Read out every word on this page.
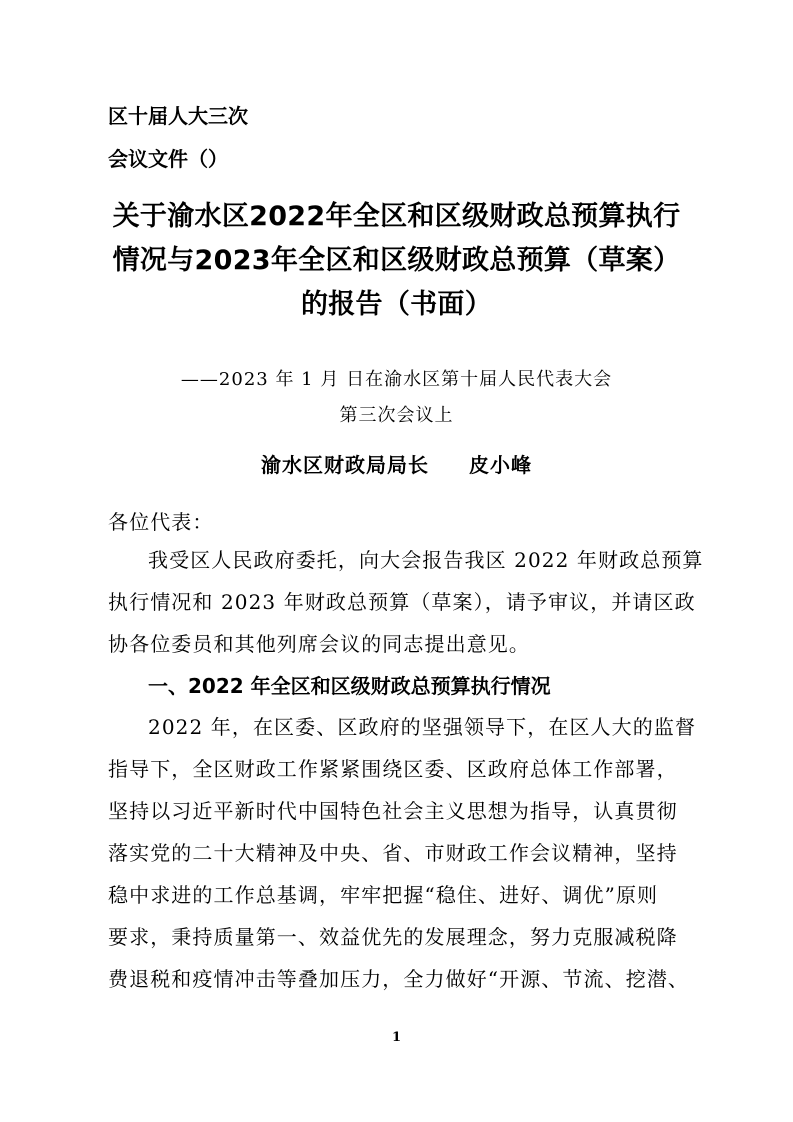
区十届人大三次
会议文件（）
关于渝水区2022年全区和区级财政总预算执行
情况与2023年全区和区级财政总预算（草案）
的报告（书面）
——2023 年 1 月 日在渝水区第十届人民代表大会
第三次会议上
渝水区财政局局长 皮小峰
各位代表：
我受区人民政府委托，向大会报告我区 2022 年财政总预算
执行情况和 2023 年财政总预算（草案），请予审议，并请区政
协各位委员和其他列席会议的同志提出意见。
一、2022 年全区和区级财政总预算执行情况
2022 年，在区委、区政府的坚强领导下，在区人大的监督
指导下，全区财政工作紧紧围绕区委、区政府总体工作部署，
坚持以习近平新时代中国特色社会主义思想为指导，认真贯彻
落实党的二十大精神及中央、省、市财政工作会议精神，坚持
稳中求进的工作总基调，牢牢把握“稳住、进好、调优”原则
要求，秉持质量第一、效益优先的发展理念，努力克服减税降
费退税和疫情冲击等叠加压力，全力做好“开源、节流、挖潜、
1
